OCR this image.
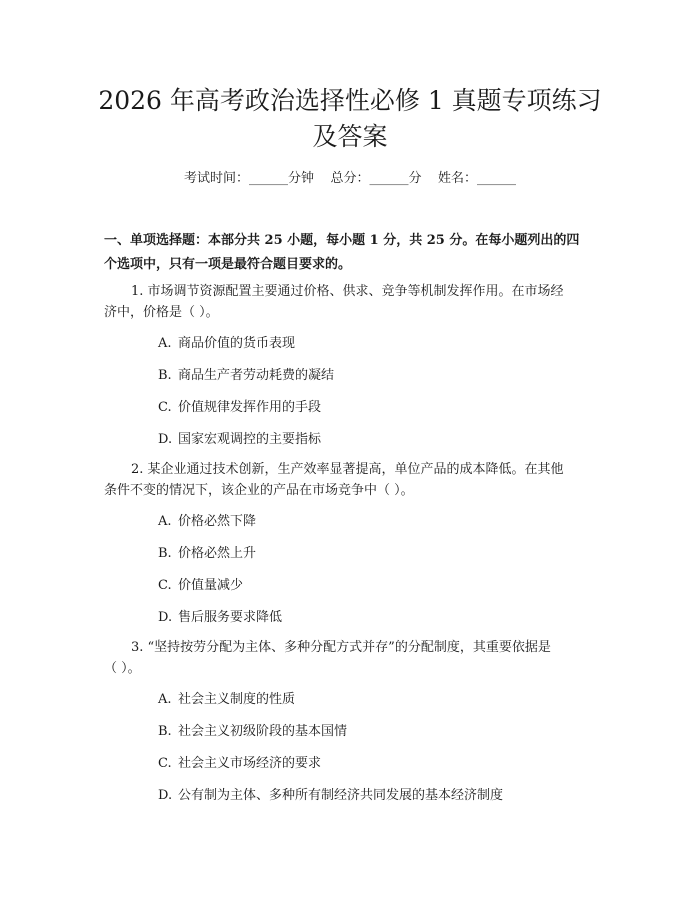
2026 年高考政治选择性必修 1 真题专项练习
及答案
考试时间：______分钟    总分：______分    姓名：______
一、单项选择题：本部分共 25 小题，每小题 1 分，共 25 分。在每小题列出的四
个选项中，只有一项是最符合题目要求的。
1. 市场调节资源配置主要通过价格、供求、竞争等机制发挥作用。在市场经
济中，价格是（ ）。
A. 商品价值的货币表现
B. 商品生产者劳动耗费的凝结
C. 价值规律发挥作用的手段
D. 国家宏观调控的主要指标
2. 某企业通过技术创新，生产效率显著提高，单位产品的成本降低。在其他
条件不变的情况下，该企业的产品在市场竞争中（ ）。
A. 价格必然下降
B. 价格必然上升
C. 价值量减少
D. 售后服务要求降低
3. “坚持按劳分配为主体、多种分配方式并存”的分配制度，其重要依据是
（ ）。
A. 社会主义制度的性质
B. 社会主义初级阶段的基本国情
C. 社会主义市场经济的要求
D. 公有制为主体、多种所有制经济共同发展的基本经济制度
